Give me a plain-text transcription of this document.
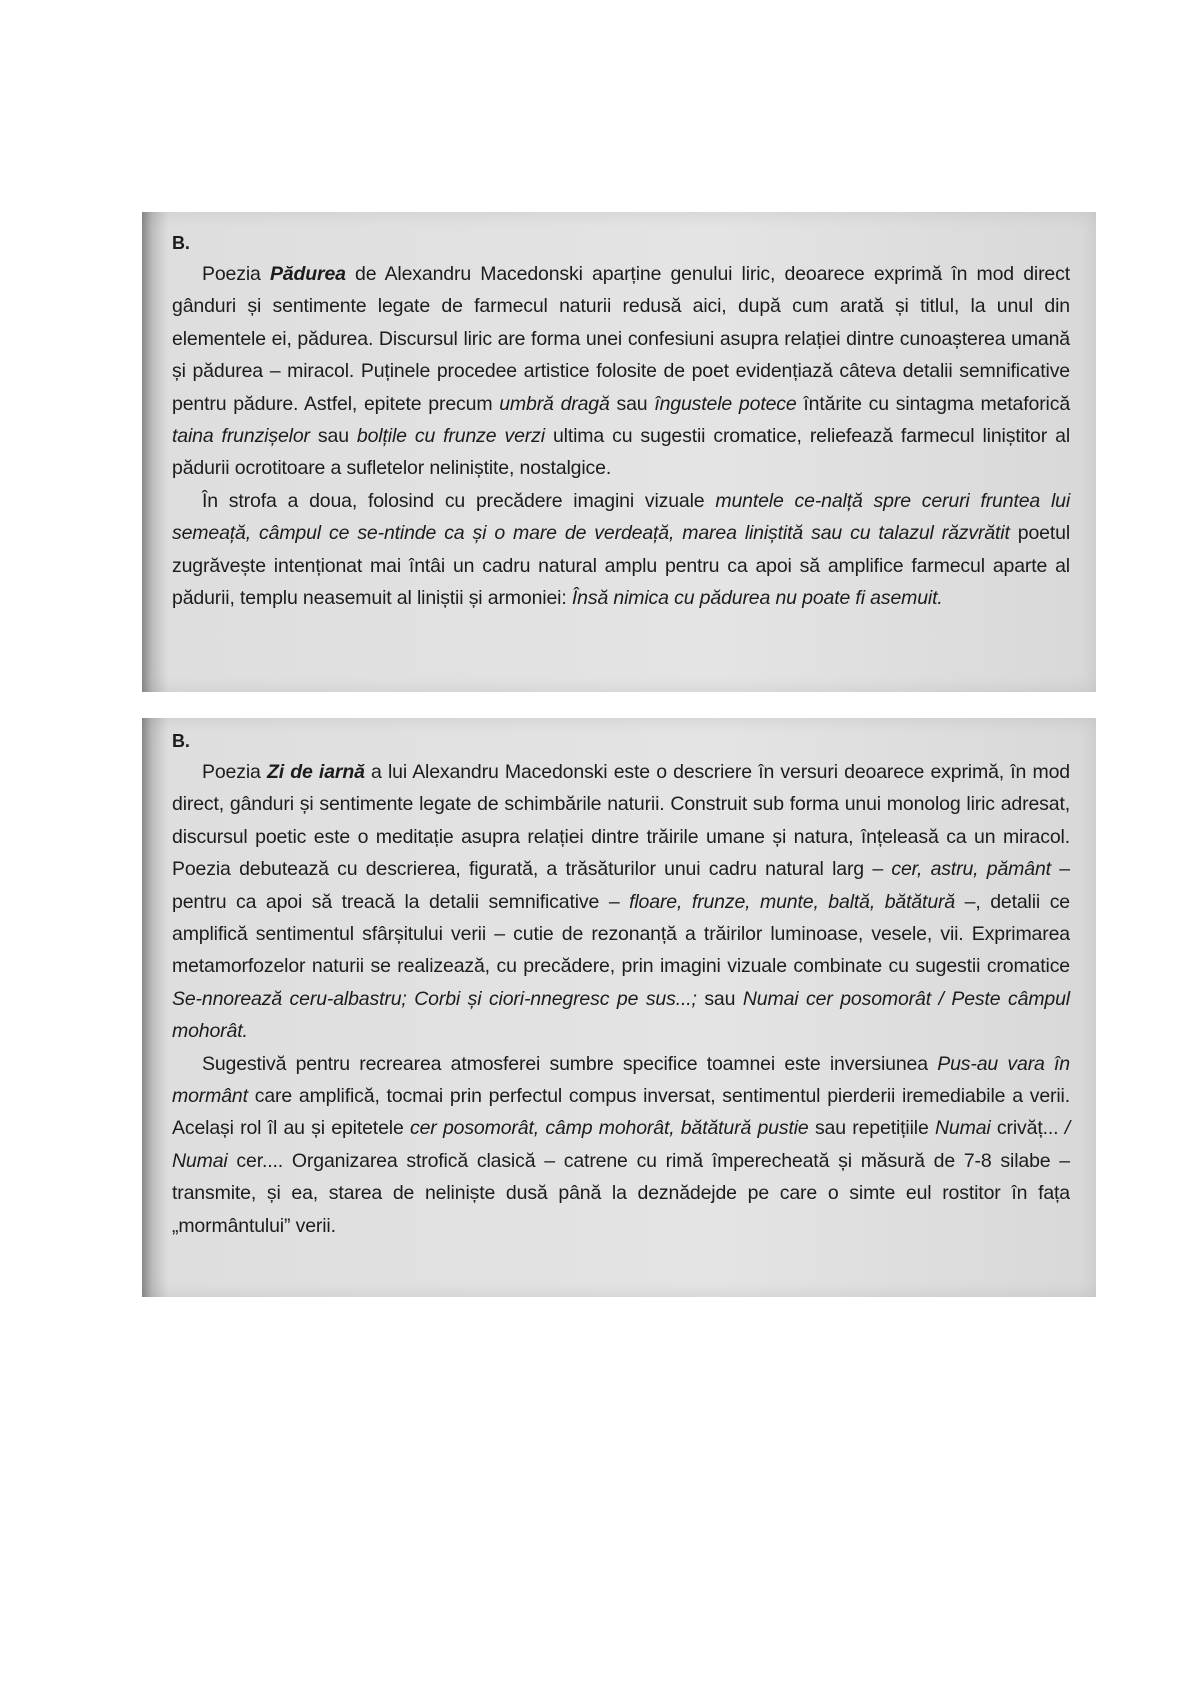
B.

Poezia Pădurea de Alexandru Macedonski aparține genului liric, deoarece exprimă în mod direct gânduri și sentimente legate de farmecul naturii redusă aici, după cum arată și titlul, la unul din elementele ei, pădurea. Discursul liric are forma unei confesiuni asupra relației dintre cunoașterea umană și pădurea – miracol. Puținele procedee artistice folosite de poet evidențiază câteva detalii semnificative pentru pădure. Astfel, epitete precum umbră dragă sau îngustele potece întărite cu sintagma metaforică taina frunzișelor sau bolțile cu frunze verzi ultima cu sugestii cromatice, reliefează farmecul liniștitor al pădurii ocrotitoare a sufletelor neliniștite, nostalgice.

În strofa a doua, folosind cu precădere imagini vizuale muntele ce-nalță spre ceruri fruntea lui semeață, câmpul ce se-ntinde ca și o mare de verdeață, marea liniștită sau cu talazul răzvrătit poetul zugrăvește intenționat mai întâi un cadru natural amplu pentru ca apoi să amplifice farmecul aparte al pădurii, templu neasemuit al liniștii și armoniei: Însă nimica cu pădurea nu poate fi asemuit.

B.

Poezia Zi de iarnă a lui Alexandru Macedonski este o descriere în versuri deoarece exprimă, în mod direct, gânduri și sentimente legate de schimbările naturii. Construit sub forma unui monolog liric adresat, discursul poetic este o meditație asupra relației dintre trăirile umane și natura, înțeleasă ca un miracol. Poezia debutează cu descrierea, figurată, a trăsăturilor unui cadru natural larg – cer, astru, pământ – pentru ca apoi să treacă la detalii semnificative – floare, frunze, munte, baltă, bătătură –, detalii ce amplifică sentimentul sfârșitului verii – cutie de rezonanță a trăirilor luminoase, vesele, vii. Exprimarea metamorfozelor naturii se realizează, cu precădere, prin imagini vizuale combinate cu sugestii cromatice Se-nnorează ceru-albastru; Corbi și ciori-nnegresc pe sus...; sau Numai cer posomorât / Peste câmpul mohorât.

Sugestivă pentru recrearea atmosferei sumbre specifice toamnei este inversiunea Pus-au vara în mormânt care amplifică, tocmai prin perfectul compus inversat, sentimentul pierderii iremediabile a verii. Același rol îl au și epitetele cer posomorât, câmp mohorât, bătătură pustie sau repetițiile Numai crivăț... / Numai cer.... Organizarea strofică clasică – catrene cu rimă împerecheată și măsură de 7-8 silabe – transmite, și ea, starea de neliniște dusă până la deznădejde pe care o simte eul rostitor în fața „mormântului” verii.
